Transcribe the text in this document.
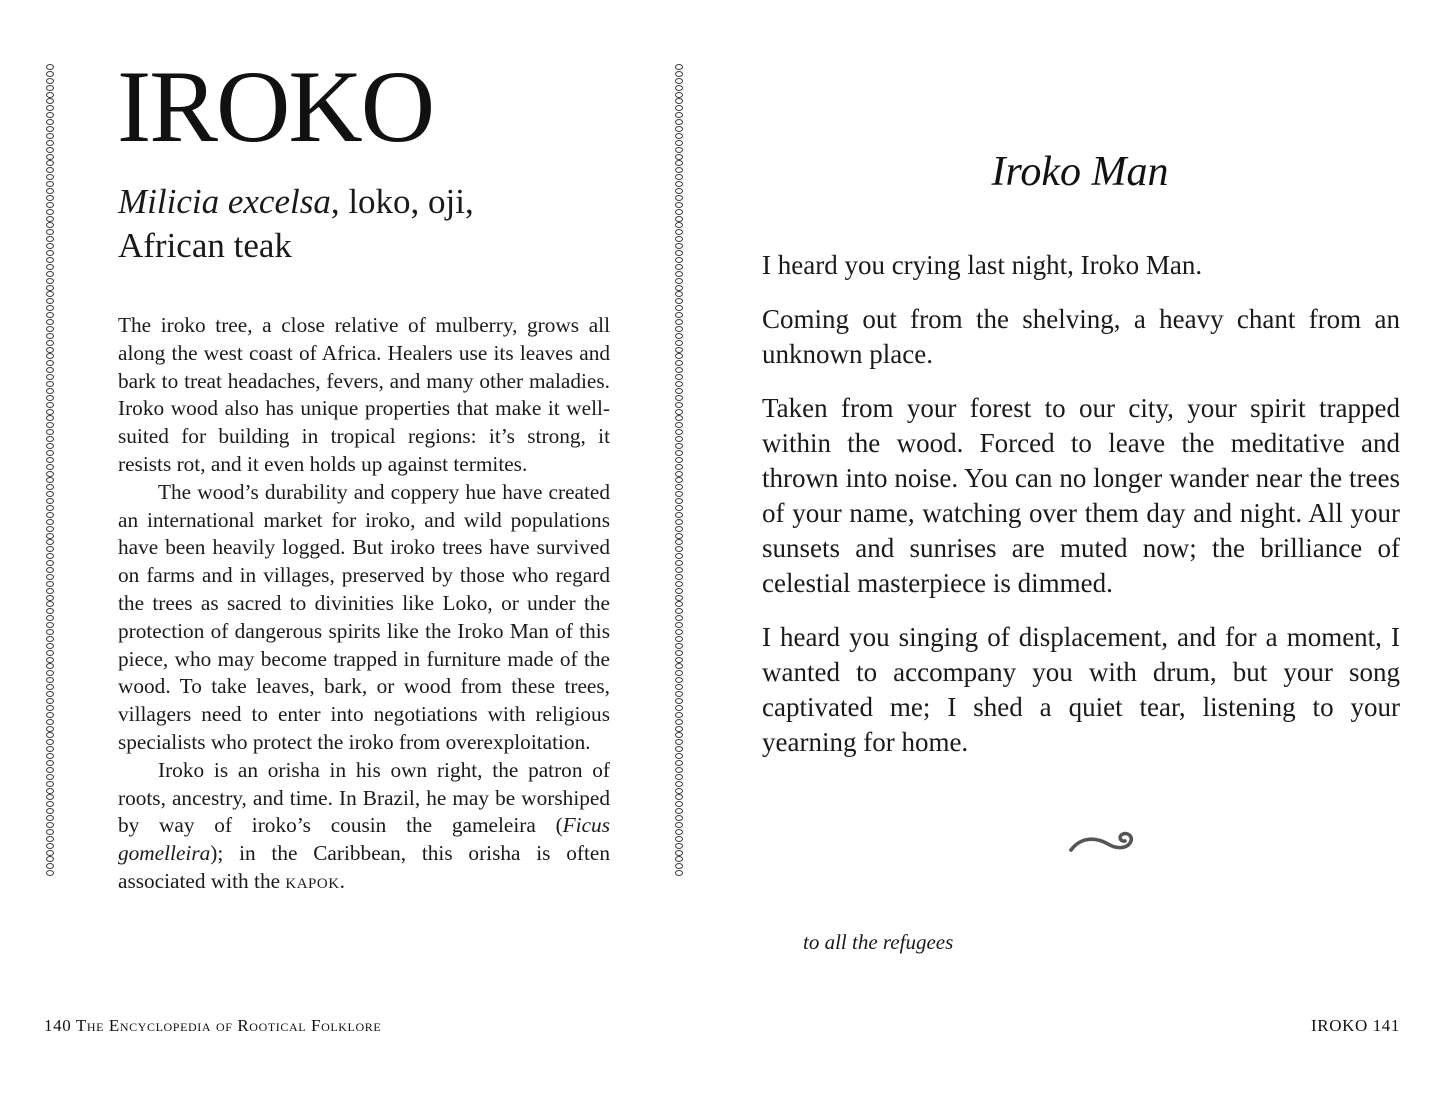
IROKO
Milicia excelsa, loko, oji,
African teak

The iroko tree, a close relative of mulberry, grows all along the west coast of Africa. Healers use its leaves and bark to treat headaches, fevers, and many other maladies. Iroko wood also has unique properties that make it well-suited for building in tropical regions: it’s strong, it resists rot, and it even holds up against termites.

The wood’s durability and coppery hue have created an international market for iroko, and wild populations have been heavily logged. But iroko trees have survived on farms and in villages, preserved by those who regard the trees as sacred to divinities like Loko, or under the protection of dangerous spirits like the Iroko Man of this piece, who may become trapped in furniture made of the wood. To take leaves, bark, or wood from these trees, villagers need to enter into negotiations with religious specialists who protect the iroko from overexploitation.

Iroko is an orisha in his own right, the patron of roots, ancestry, and time. In Brazil, he may be worshiped by way of iroko’s cousin the gameleira (Ficus gomelleira); in the Caribbean, this orisha is often associated with the kapok.

140 The Encyclopedia of Rootical Folklore

Iroko Man

I heard you crying last night, Iroko Man.

Coming out from the shelving, a heavy chant from an unknown place.

Taken from your forest to our city, your spirit trapped within the wood. Forced to leave the meditative and thrown into noise. You can no longer wander near the trees of your name, watching over them day and night. All your sunsets and sunrises are muted now; the brilliance of celestial masterpiece is dimmed.

I heard you singing of displacement, and for a moment, I wanted to accompany you with drum, but your song captivated me; I shed a quiet tear, listening to your yearning for home.

to all the refugees

IROKO 141
